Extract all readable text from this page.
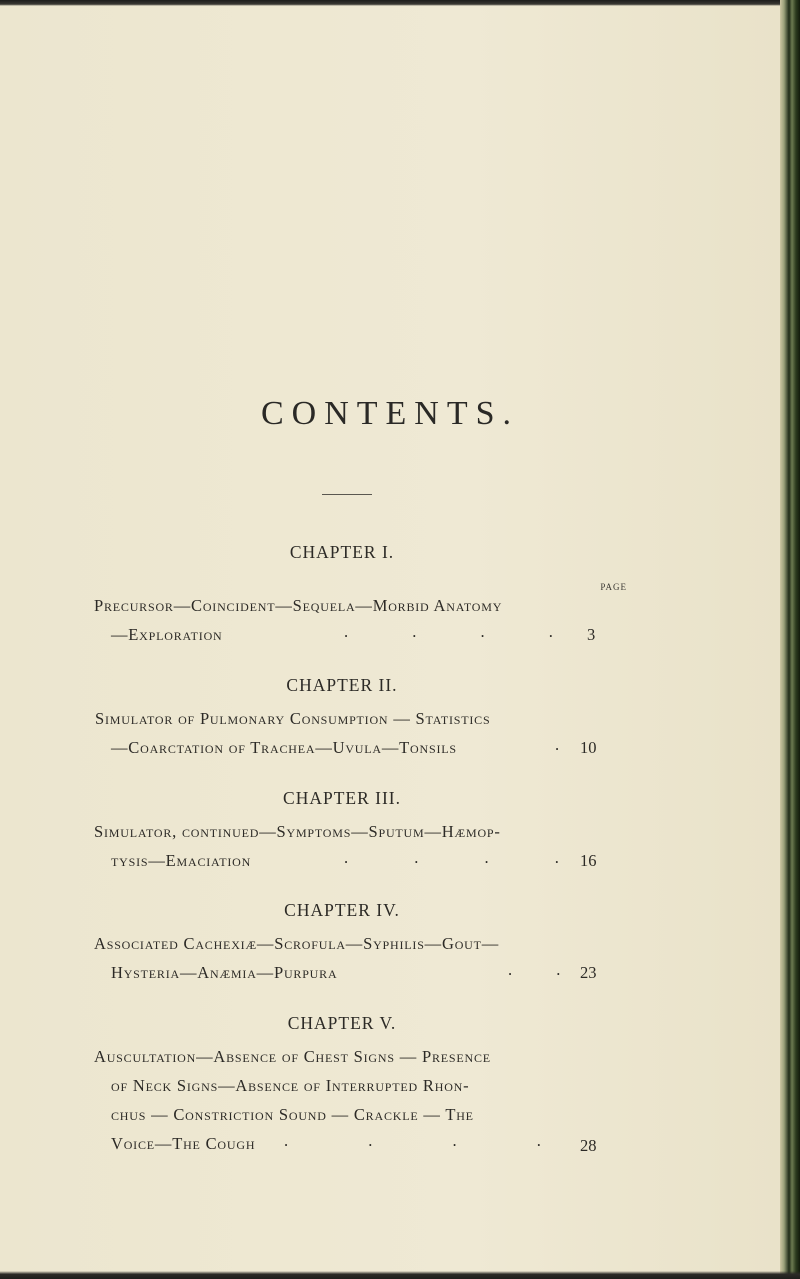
CONTENTS.
PAGE
CHAPTER I.
Precursor—Coincident—Sequela—Morbid Anatomy
—Exploration	. . . . 3
CHAPTER II.
Simulator of Pulmonary Consumption — Statistics
—Coarctation of Trachea—Uvula—Tonsils	. 10
CHAPTER III.
Simulator, continued—Symptoms—Sputum—Hæmop-
tysis—Emaciation	. . . . 16
CHAPTER IV.
Associated Cachexiæ—Scrofula—Syphilis—Gout—
Hysteria—Anæmia—Purpura	. . 23
CHAPTER V.
Auscultation—Absence of Chest Signs — Presence
of Neck Signs—Absence of Interrupted Rhon-
chus — Constriction Sound — Crackle — The
Voice—The Cough . . . . 28
